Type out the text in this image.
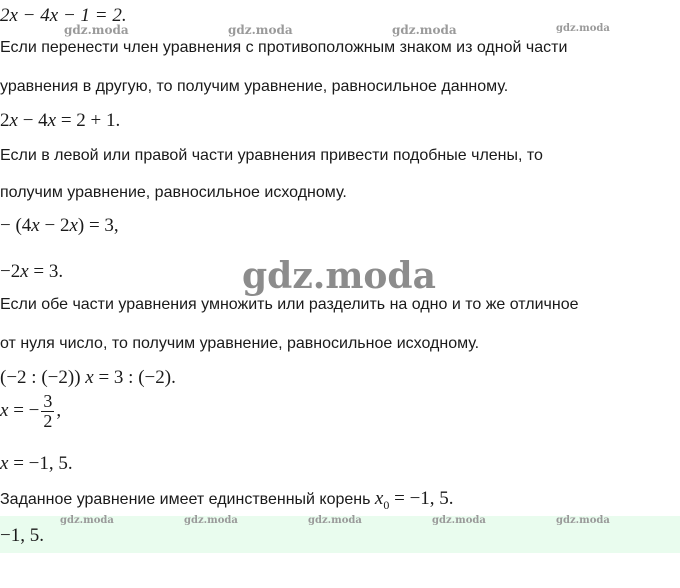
gdz.moda	gdz.moda	gdz.moda	gdz.moda
2x − 4x − 1 = 2.
Если перенести член уравнения с противоположным знаком из одной части
уравнения в другую, то получим уравнение, равносильное данному.
2x − 4x = 2 + 1.
Если в левой или правой части уравнения привести подобные члены, то
получим уравнение, равносильное исходному.
− (4x − 2x) = 3,
−2x = 3.	gdz.moda
Если обе части уравнения умножить или разделить на одно и то же отличное
от нуля число, то получим уравнение, равносильное исходному.
(−2 : (−2)) x = 3 : (−2).
x = − $\frac{3}{2}$ ,
x = −1, 5.
Заданное уравнение имеет единственный корень $x_0 = -1$, 5.
gdz.moda	gdz.moda	gdz.moda	gdz.moda	gdz.moda
−1, 5.
